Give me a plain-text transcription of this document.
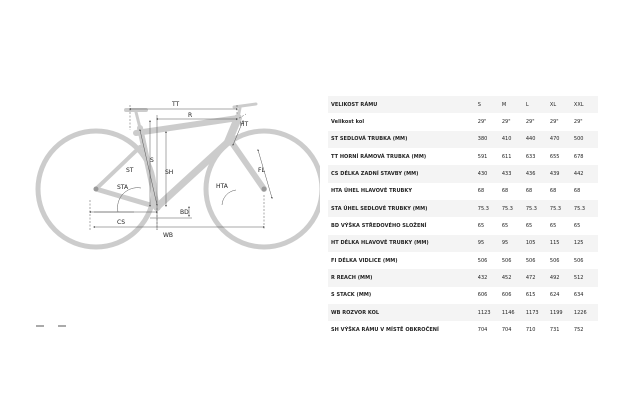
TT
R
HT
ST
S
SH
STA	HTA
FL
CS
BD
WB
VELIKOST RÁMU	S	M	L	XL	XXL
Velikost kol	29"	29"	29"	29"	29"
ST SEDLOVÁ TRUBKA (MM)	380	410	440	470	500
TT HORNÍ RÁMOVÁ TRUBKA (MM)	591	611	633	655	678
CS DÉLKA ZADNÍ STAVBY (MM)	430	433	436	439	442
HTA ÚHEL HLAVOVÉ TRUBKY	68	68	68	68	68
STA ÚHEL SEDLOVÉ TRUBKY (MM)	75.3	75.3	75.3	75.3	75.3
BD VÝŠKA STŘEDOVÉHO SLOŽENÍ	65	65	65	65	65
HT DÉLKA HLAVOVÉ TRUBKY (MM)	95	95	105	115	125
FI DÉLKA VIDLICE (MM)	506	506	506	506	506
R REACH (MM)	432	452	472	492	512
S STACK (MM)	606	606	615	624	634
WB ROZVOR KOL	1123	1146	1173	1199	1226
SH VÝŠKA RÁMU V MÍSTĚ OBKROČENÍ	704	704	710	731	752
